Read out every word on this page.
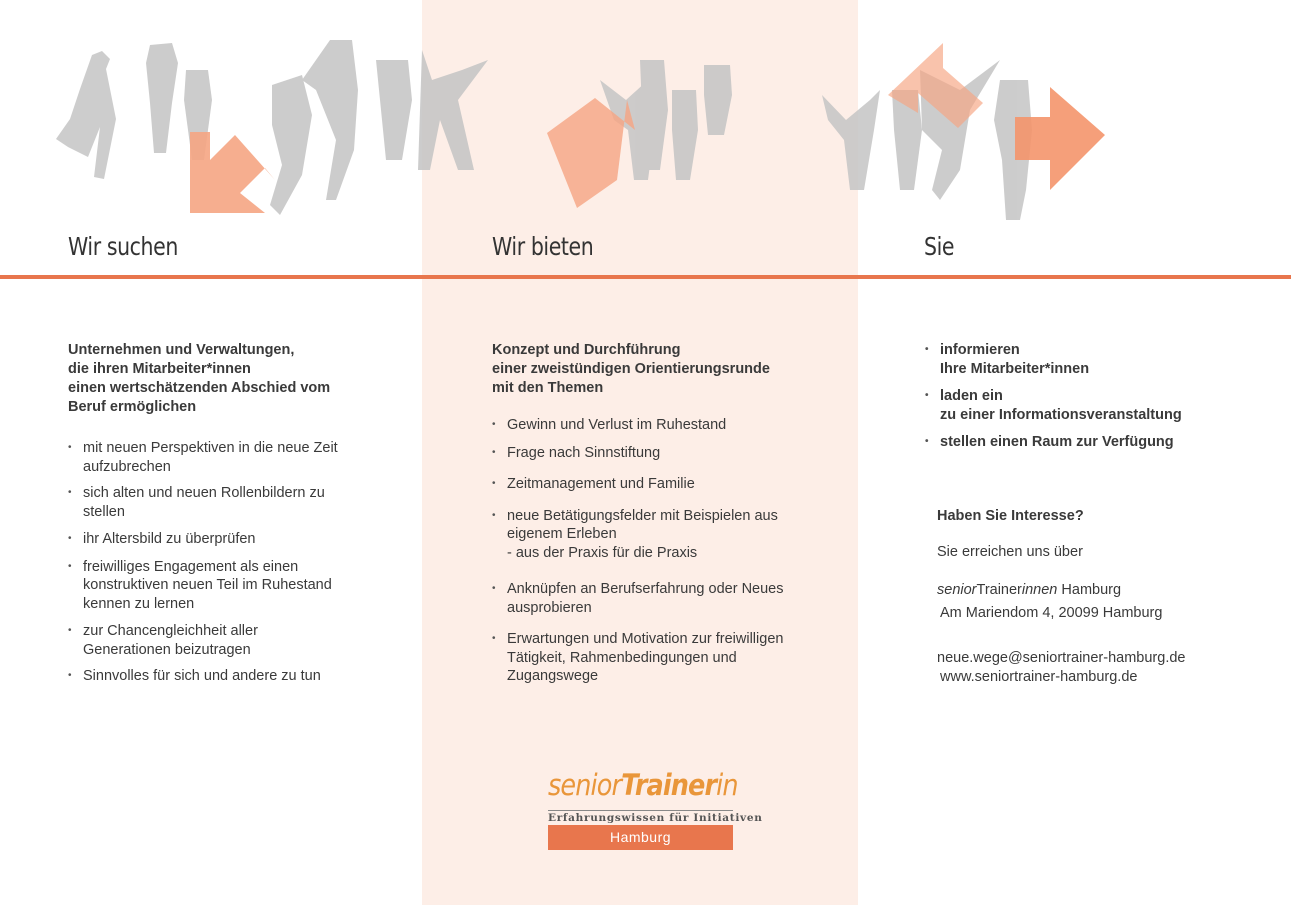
Wir suchen
Unternehmen und Verwaltungen,
die ihren Mitarbeiter*innen
einen wertschätzenden Abschied vom
Beruf ermöglichen
• mit neuen Perspektiven in die neue Zeit
aufzubrechen
• sich alten und neuen Rollenbildern zu
stellen
• ihr Altersbild zu überprüfen
• freiwilliges Engagement als einen
konstruktiven neuen Teil im Ruhestand
kennen zu lernen
• zur Chancengleichheit aller
Generationen beizutragen
• Sinnvolles für sich und andere zu tun
Wir bieten
Konzept und Durchführung
einer zweistündigen Orientierungsrunde
mit den Themen
• Gewinn und Verlust im Ruhestand
• Frage nach Sinnstiftung
• Zeitmanagement und Familie
• neue Betätigungsfelder mit Beispielen aus
eigenem Erleben
- aus der Praxis für die Praxis
• Anknüpfen an Berufserfahrung oder Neues
ausprobieren
• Erwartungen und Motivation zur freiwilligen
Tätigkeit, Rahmenbedingungen und
Zugangswege
seniorTrainerin
Erfahrungswissen für Initiativen
Hamburg
Sie
• informieren
Ihre Mitarbeiter*innen
• laden ein
zu einer Informationsveranstaltung
• stellen einen Raum zur Verfügung
Haben Sie Interesse?
Sie erreichen uns über
seniorTrainerinnen Hamburg
Am Mariendom 4, 20099 Hamburg
neue.wege@seniortrainer-hamburg.de
www.seniortrainer-hamburg.de
